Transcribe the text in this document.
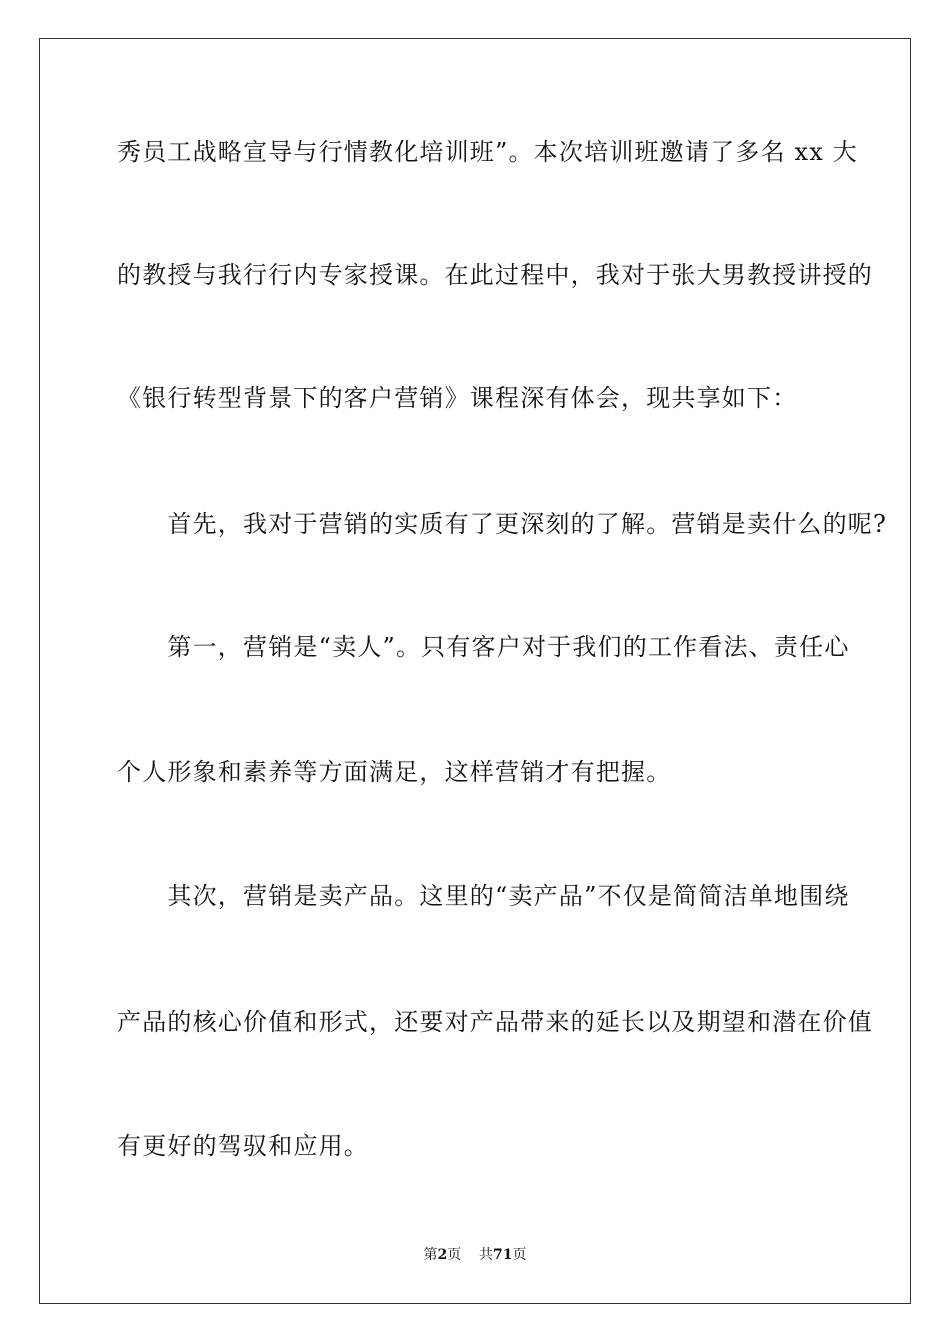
秀员工战略宣导与行情教化培训班”。本次培训班邀请了多名 xx 大
的教授与我行行内专家授课。在此过程中，我对于张大男教授讲授的
《银行转型背景下的客户营销》课程深有体会，现共享如下：
　　首先，我对于营销的实质有了更深刻的了解。营销是卖什么的呢?
　　第一，营销是“卖人”。只有客户对于我们的工作看法、责任心
个人形象和素养等方面满足，这样营销才有把握。
　　其次，营销是卖产品。这里的“卖产品”不仅是简简洁单地围绕
产品的核心价值和形式，还要对产品带来的延长以及期望和潜在价值
有更好的驾驭和应用。
第2页 共71页
